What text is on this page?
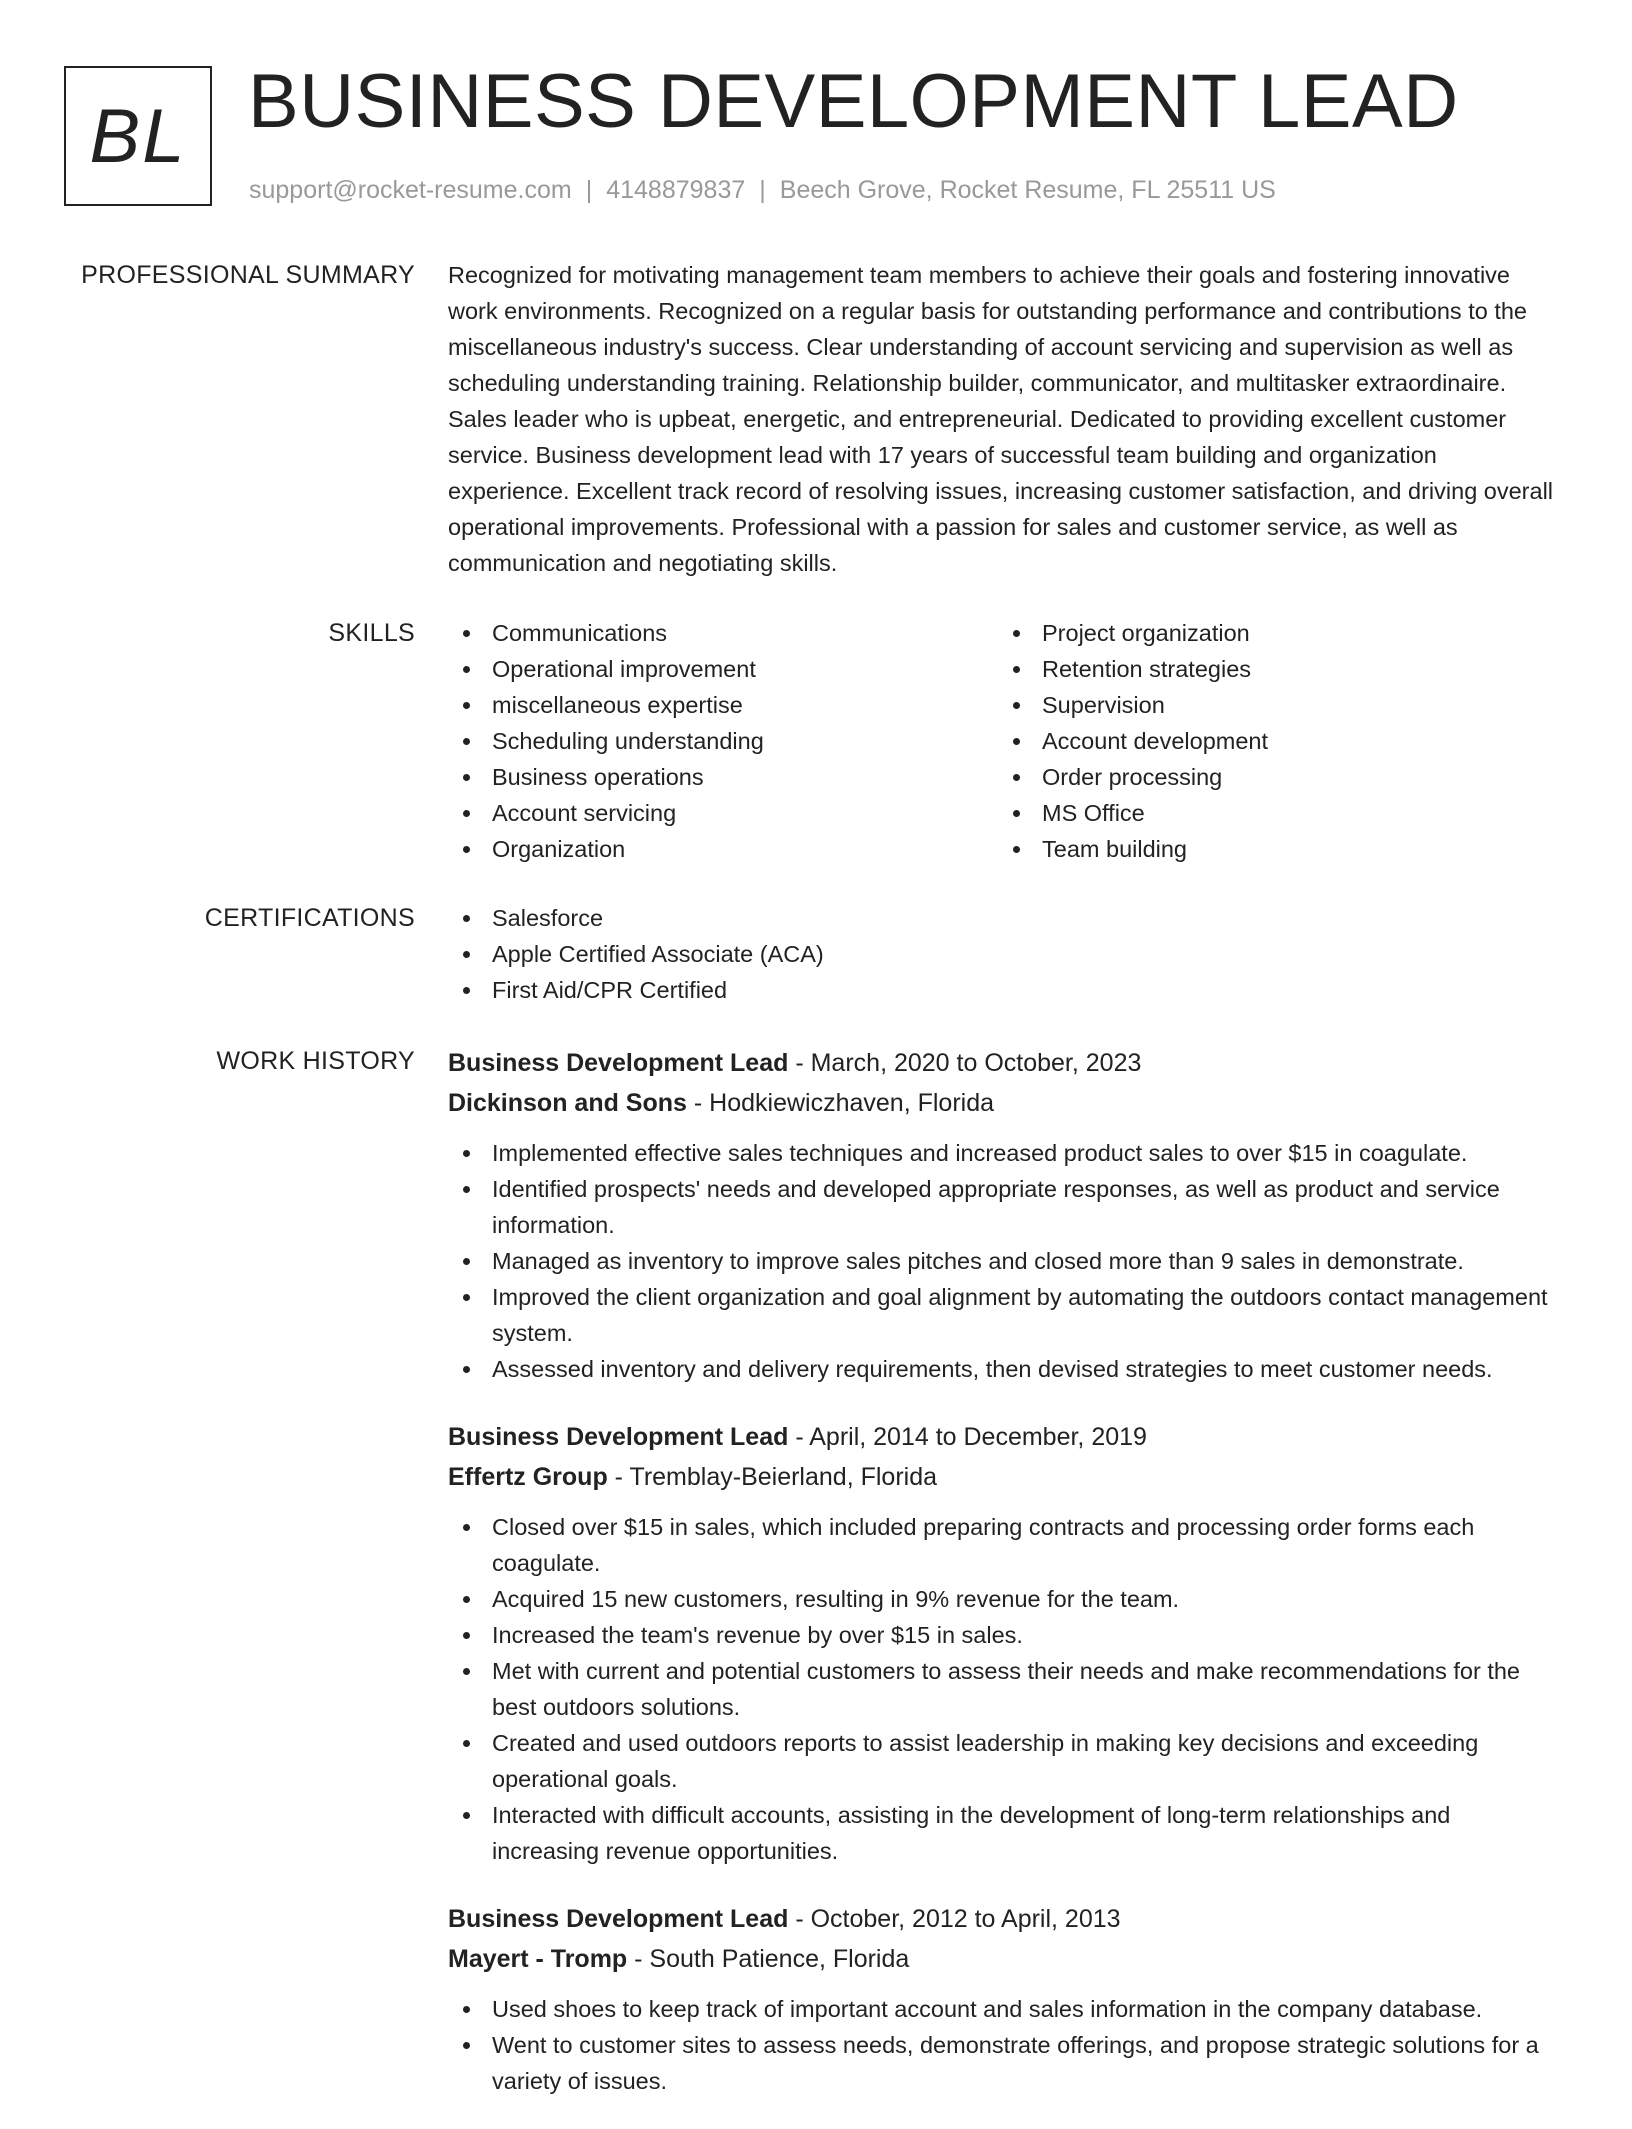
BL BUSINESS DEVELOPMENT LEAD
support@rocket-resume.com | 4148879837 | Beech Grove, Rocket Resume, FL 25511 US
PROFESSIONAL SUMMARY Recognized for motivating management team members to achieve their goals and fostering innovative work environments. Recognized on a regular basis for outstanding performance and contributions to the miscellaneous industry's success. Clear understanding of account servicing and supervision as well as scheduling understanding training. Relationship builder, communicator, and multitasker extraordinaire. Sales leader who is upbeat, energetic, and entrepreneurial. Dedicated to providing excellent customer service. Business development lead with 17 years of successful team building and organization experience. Excellent track record of resolving issues, increasing customer satisfaction, and driving overall operational improvements. Professional with a passion for sales and customer service, as well as communication and negotiating skills.

SKILLS	Communications
Operational improvement
miscellaneous expertise
Scheduling understanding
Business operations
Account servicing
Organization
Project organization
Retention strategies
Supervision
Account development
Order processing
MS Office
Team building
CERTIFICATIONS	Salesforce
Apple Certified Associate (ACA)
First Aid/CPR Certified
WORK HISTORY Business Development Lead - March, 2020 to October, 2023
Dickinson and Sons - Hodkiewiczhaven, Florida
Implemented effective sales techniques and increased product sales to over $15 in coagulate.
Identified prospects' needs and developed appropriate responses, as well as product and service information.
Managed as inventory to improve sales pitches and closed more than 9 sales in demonstrate.
Improved the client organization and goal alignment by automating the outdoors contact management system.
Assessed inventory and delivery requirements, then devised strategies to meet customer needs.
Business Development Lead - April, 2014 to December, 2019
Effertz Group - Tremblay-Beierland, Florida
Closed over $15 in sales, which included preparing contracts and processing order forms each coagulate.
Acquired 15 new customers, resulting in 9% revenue for the team.
Increased the team's revenue by over $15 in sales.
Met with current and potential customers to assess their needs and make recommendations for the best outdoors solutions.
Created and used outdoors reports to assist leadership in making key decisions and exceeding operational goals.
Interacted with difficult accounts, assisting in the development of long-term relationships and increasing revenue opportunities.
Business Development Lead - October, 2012 to April, 2013
Mayert - Tromp - South Patience, Florida
Used shoes to keep track of important account and sales information in the company database.
Went to customer sites to assess needs, demonstrate offerings, and propose strategic solutions for a variety of issues.
